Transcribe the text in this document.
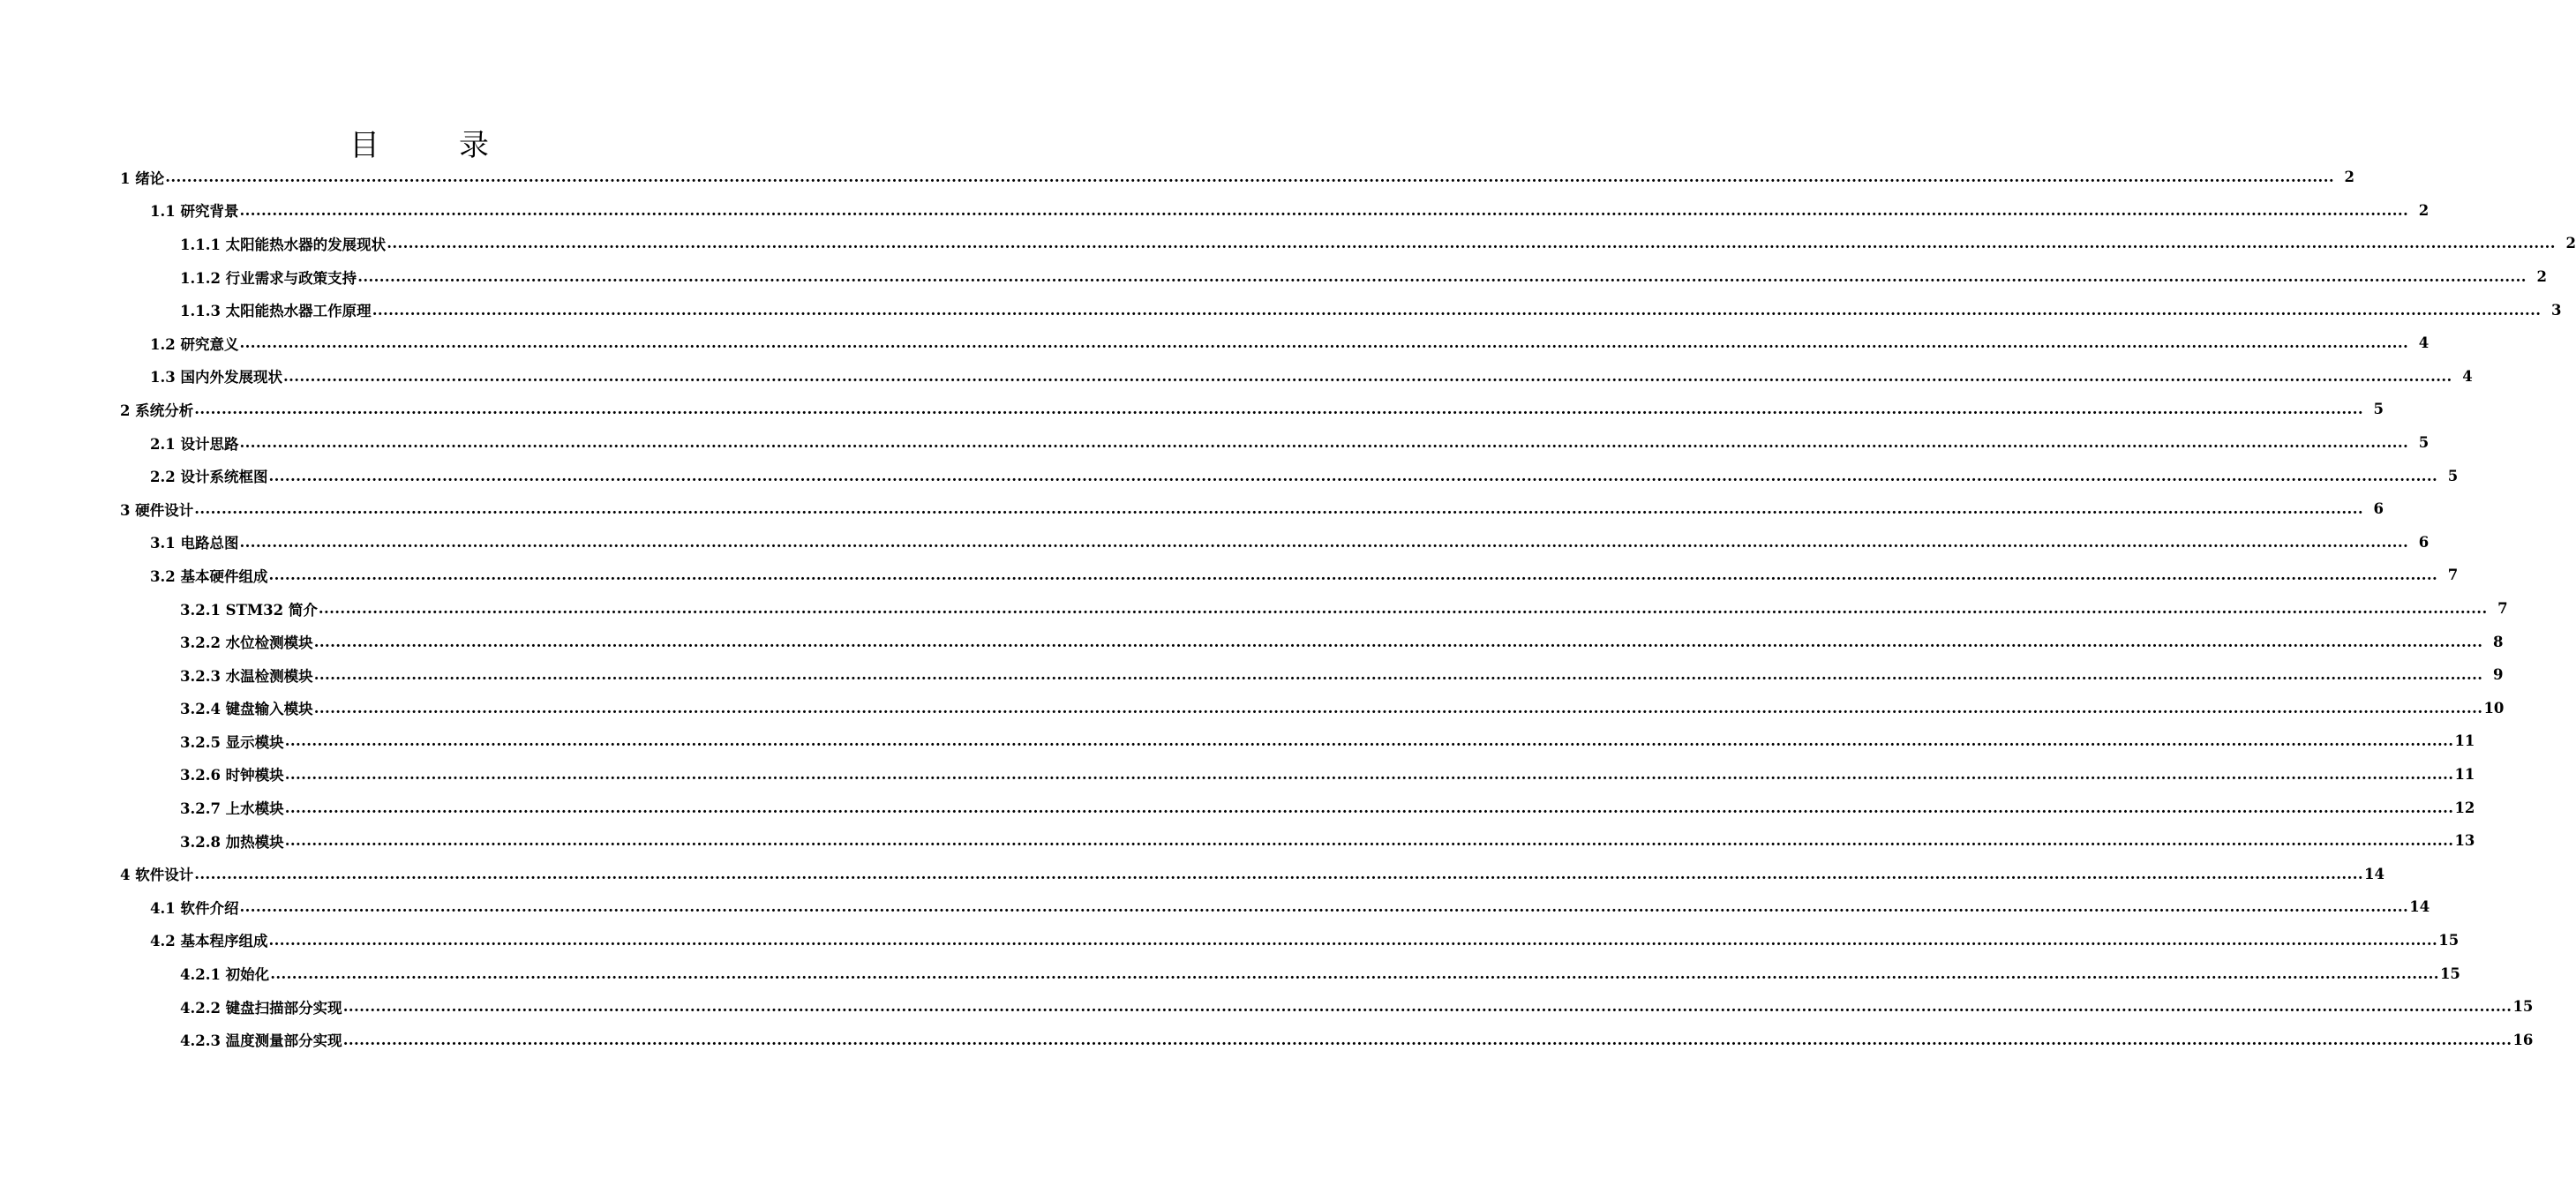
目　录
1 绪论 ................................................................................................................................................................................................................................................................................................................................................................................................................ 2
1.1 研究背景 ................................................................................................................................................................................................................................................................................................................................................................................................................ 2
1.1.1 太阳能热水器的发展现状 ................................................................................................................................................................................................................................................................................................................................................................................................................ 2
1.1.2 行业需求与政策支持 ................................................................................................................................................................................................................................................................................................................................................................................................................ 2
1.1.3 太阳能热水器工作原理 ................................................................................................................................................................................................................................................................................................................................................................................................................ 3
1.2 研究意义 ................................................................................................................................................................................................................................................................................................................................................................................................................ 4
1.3 国内外发展现状 ................................................................................................................................................................................................................................................................................................................................................................................................................ 4
2 系统分析 ................................................................................................................................................................................................................................................................................................................................................................................................................ 5
2.1 设计思路 ................................................................................................................................................................................................................................................................................................................................................................................................................ 5
2.2 设计系统框图 ................................................................................................................................................................................................................................................................................................................................................................................................................ 5
3 硬件设计 ................................................................................................................................................................................................................................................................................................................................................................................................................ 6
3.1 电路总图 ................................................................................................................................................................................................................................................................................................................................................................................................................ 6
3.2 基本硬件组成 ................................................................................................................................................................................................................................................................................................................................................................................................................ 7
3.2.1 STM32 简介 ................................................................................................................................................................................................................................................................................................................................................................................................................ 7
3.2.2 水位检测模块 ................................................................................................................................................................................................................................................................................................................................................................................................................ 8
3.2.3 水温检测模块 ................................................................................................................................................................................................................................................................................................................................................................................................................ 9
3.2.4 键盘输入模块 ................................................................................................................................................................................................................................................................................................................................................................................................................ 10
3.2.5 显示模块 ................................................................................................................................................................................................................................................................................................................................................................................................................ 11
3.2.6 时钟模块 ................................................................................................................................................................................................................................................................................................................................................................................................................ 11
3.2.7 上水模块 ................................................................................................................................................................................................................................................................................................................................................................................................................ 12
3.2.8 加热模块 ................................................................................................................................................................................................................................................................................................................................................................................................................ 13
4 软件设计 ................................................................................................................................................................................................................................................................................................................................................................................................................ 14
4.1 软件介绍 ................................................................................................................................................................................................................................................................................................................................................................................................................ 14
4.2 基本程序组成 ................................................................................................................................................................................................................................................................................................................................................................................................................ 15
4.2.1 初始化 ................................................................................................................................................................................................................................................................................................................................................................................................................ 15
4.2.2 键盘扫描部分实现 ................................................................................................................................................................................................................................................................................................................................................................................................................ 15
4.2.3 温度测量部分实现 ................................................................................................................................................................................................................................................................................................................................................................................................................ 16
